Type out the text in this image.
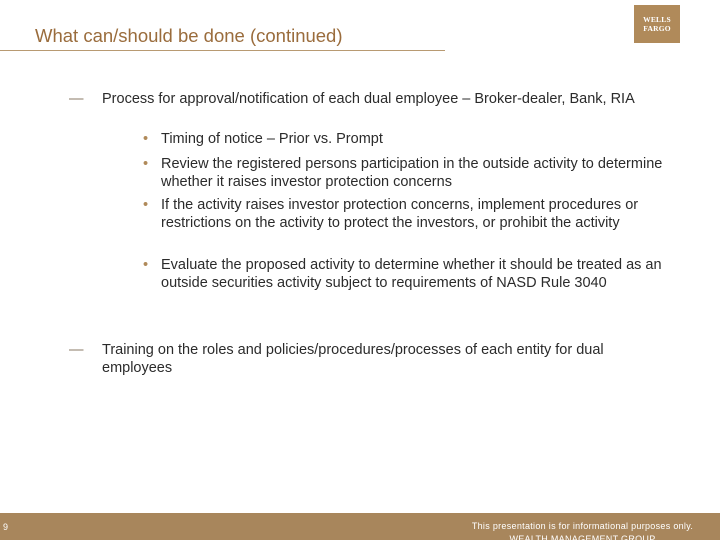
What can/should be done (continued)
WELLS
FARGO
— Process for approval/notification of each dual employee – Broker-dealer, Bank, RIA
• Timing of notice – Prior vs. Prompt
• Review the registered persons participation in the outside activity to determine whether it raises investor protection concerns
• If the activity raises investor protection concerns, implement procedures or restrictions on the activity to protect the investors, or prohibit the activity
• Evaluate the proposed activity to determine whether it should be treated as an outside securities activity subject to requirements of NASD Rule 3040
— Training on the roles and policies/procedures/processes of each entity for dual employees
9	This presentation is for informational purposes only. WEALTH MANAGEMENT GROUP
